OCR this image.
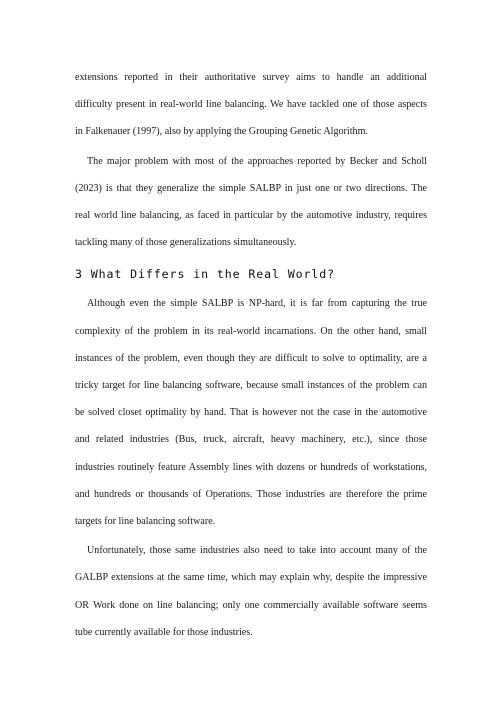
extensions reported in their authoritative survey aims to handle an additional

difficulty present in real-world line balancing. We have tackled one of those aspects

in Falkenauer (1997), also by applying the Grouping Genetic Algorithm.

The major problem with most of the approaches reported by Becker and Scholl

(2023) is that they generalize the simple SALBP in just one or two directions. The

real world line balancing, as faced in particular by the automotive industry, requires

tackling many of those generalizations simultaneously.

3 What Differs in the Real World?

Although even the simple SALBP is NP-hard, it is far from capturing the true

complexity of the problem in its real-world incarnations. On the other hand, small

instances of the problem, even though they are difficult to solve to optimality, are a

tricky target for line balancing software, because small instances of the problem can

be solved closet optimality by hand. That is however not the case in the automotive

and related industries (Bus, truck, aircraft, heavy machinery, etc.), since those

industries routinely feature Assembly lines with dozens or hundreds of workstations,

and hundreds or thousands of Operations. Those industries are therefore the prime

targets for line balancing software.

Unfortunately, those same industries also need to take into account many of the

GALBP extensions at the same time, which may explain why, despite the impressive

OR Work done on line balancing; only one commercially available software seems

tube currently available for those industries.
